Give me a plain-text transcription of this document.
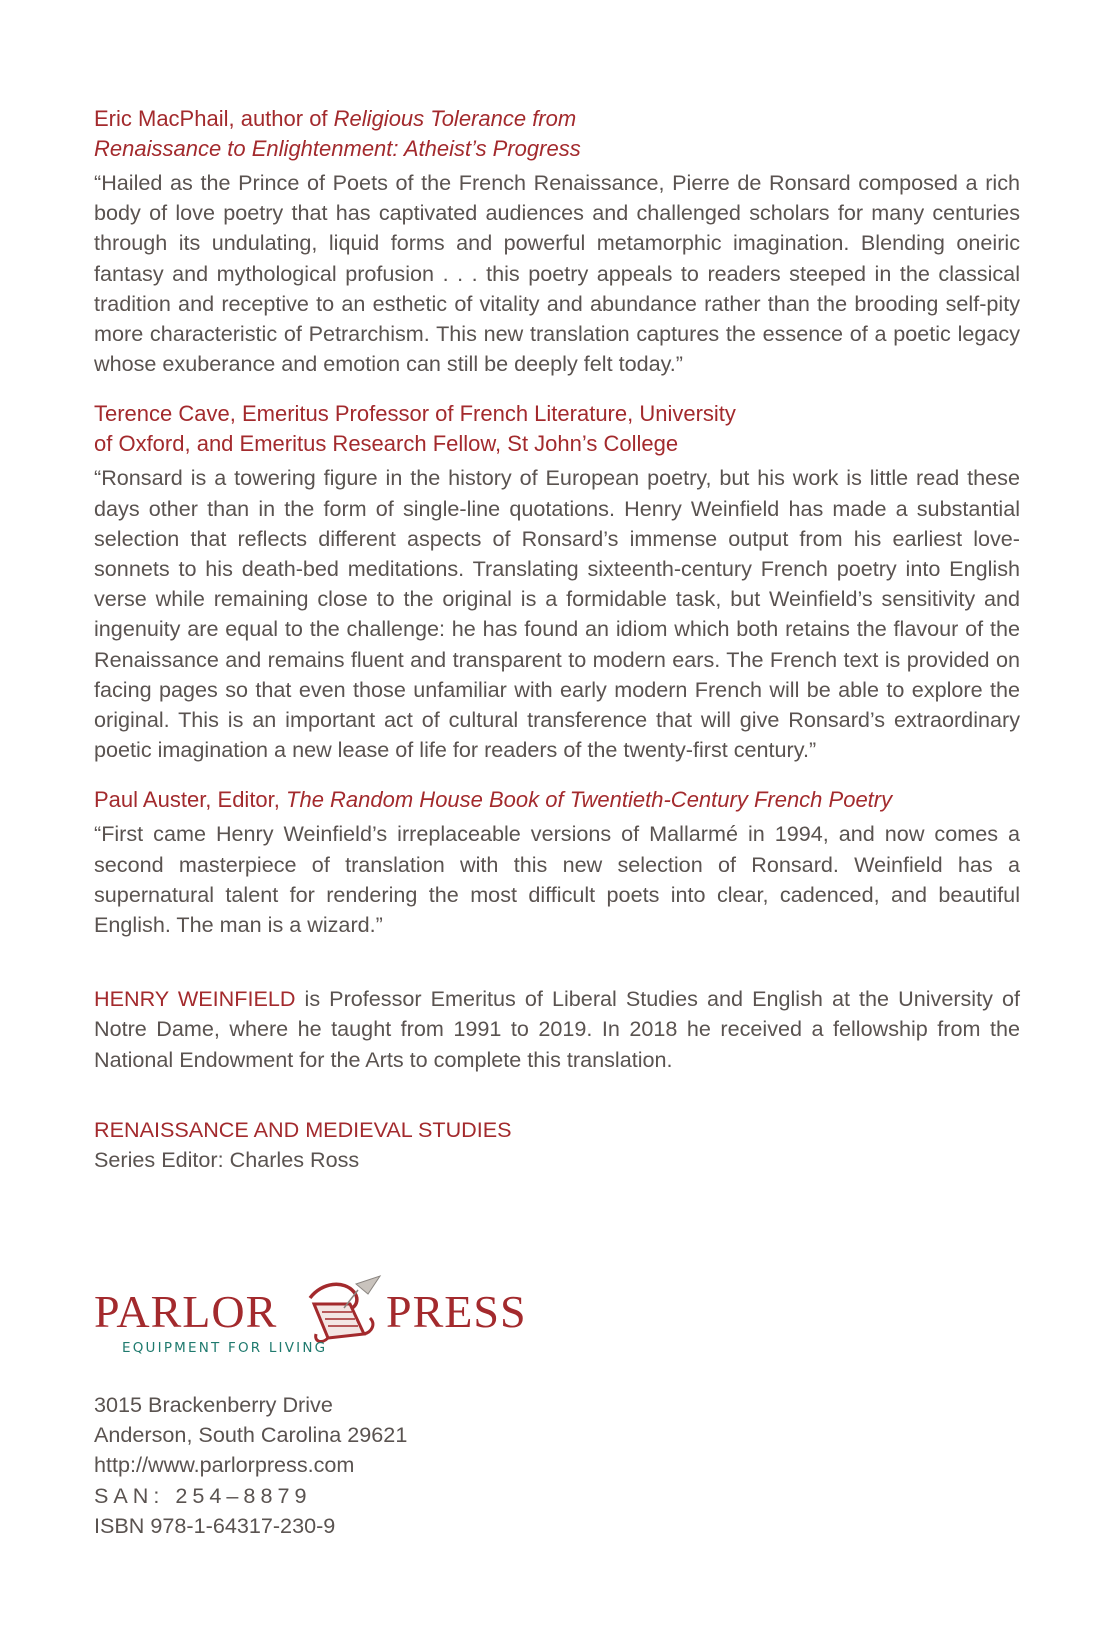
Eric MacPhail, author of Religious Tolerance from
Renaissance to Enlightenment: Atheist’s Progress

“Hailed as the Prince of Poets of the French Renaissance, Pierre de Ronsard composed a rich body of love poetry that has captivated audiences and challenged scholars for many centuries through its undulating, liquid forms and powerful metamorphic imagination. Blending oneiric fantasy and mythological profusion . . . this poetry appeals to readers steeped in the classical tradition and receptive to an esthetic of vitality and abundance rather than the brooding self-pity more characteristic of Petrarchism. This new translation captures the essence of a poetic legacy whose exuberance and emotion can still be deeply felt today.”

Terence Cave, Emeritus Professor of French Literature, University
of Oxford, and Emeritus Research Fellow, St John’s College

“Ronsard is a towering figure in the history of European poetry, but his work is little read these days other than in the form of single-line quotations. Henry Weinfield has made a substantial selection that reflects different aspects of Ronsard’s immense output from his earliest love-sonnets to his death-bed meditations. Translating sixteenth-century French poetry into English verse while remaining close to the original is a formidable task, but Weinfield’s sensitivity and ingenuity are equal to the challenge: he has found an idiom which both retains the flavour of the Renaissance and remains fluent and transparent to modern ears. The French text is provided on facing pages so that even those unfamiliar with early modern French will be able to explore the original. This is an important act of cultural transference that will give Ronsard’s extraordinary poetic imagination a new lease of life for readers of the twenty-first century.”

Paul Auster, Editor, The Random House Book of Twentieth-Century French Poetry

“First came Henry Weinfield’s irreplaceable versions of Mallarmé in 1994, and now comes a second masterpiece of translation with this new selection of Ronsard. Weinfield has a supernatural talent for rendering the most difficult poets into clear, cadenced, and beautiful English. The man is a wizard.”

HENRY WEINFIELD is Professor Emeritus of Liberal Studies and English at the University of Notre Dame, where he taught from 1991 to 2019. In 2018 he received a fellowship from the National Endowment for the Arts to complete this translation.

RENAISSANCE AND MEDIEVAL STUDIES

Series Editor: Charles Ross

PARLOR PRESS
EQUIPMENT FOR LIVING
3015 Brackenberry Drive
Anderson, South Carolina 29621
http://www.parlorpress.com
SAN: 254–8879
ISBN 978-1-64317-230-9
